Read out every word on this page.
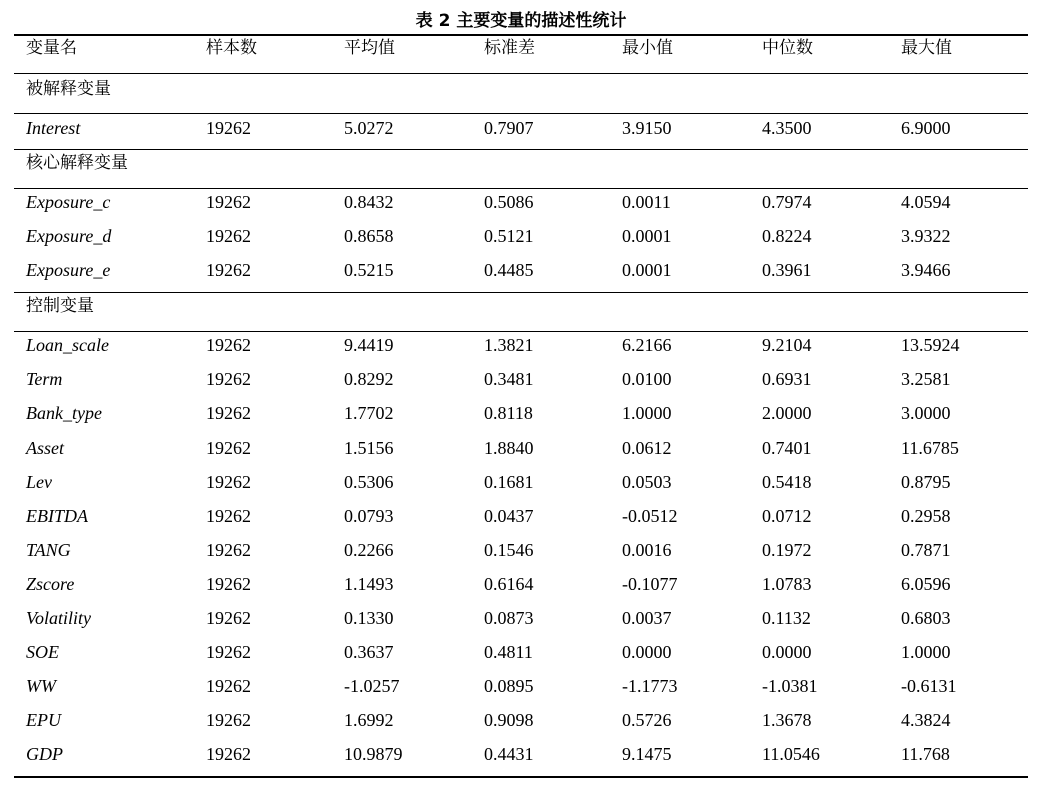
表 2 主要变量的描述性统计
变量名	样本数	平均值	标准差	最小值	中位数	最大值
被解释变量
Interest	19262	5.0272	0.7907	3.9150	4.3500	6.9000
核心解释变量
Exposure_c	19262	0.8432	0.5086	0.0011	0.7974	4.0594
Exposure_d	19262	0.8658	0.5121	0.0001	0.8224	3.9322
Exposure_e	19262	0.5215	0.4485	0.0001	0.3961	3.9466
控制变量
Loan_scale	19262	9.4419	1.3821	6.2166	9.2104	13.5924
Term	19262	0.8292	0.3481	0.0100	0.6931	3.2581
Bank_type	19262	1.7702	0.8118	1.0000	2.0000	3.0000
Asset	19262	1.5156	1.8840	0.0612	0.7401	11.6785
Lev	19262	0.5306	0.1681	0.0503	0.5418	0.8795
EBITDA	19262	0.0793	0.0437	-0.0512	0.0712	0.2958
TANG	19262	0.2266	0.1546	0.0016	0.1972	0.7871
Zscore	19262	1.1493	0.6164	-0.1077	1.0783	6.0596
Volatility	19262	0.1330	0.0873	0.0037	0.1132	0.6803
SOE	19262	0.3637	0.4811	0.0000	0.0000	1.0000
WW	19262	-1.0257	0.0895	-1.1773	-1.0381	-0.6131
EPU	19262	1.6992	0.9098	0.5726	1.3678	4.3824
GDP	19262	10.9879	0.4431	9.1475	11.0546	11.768
